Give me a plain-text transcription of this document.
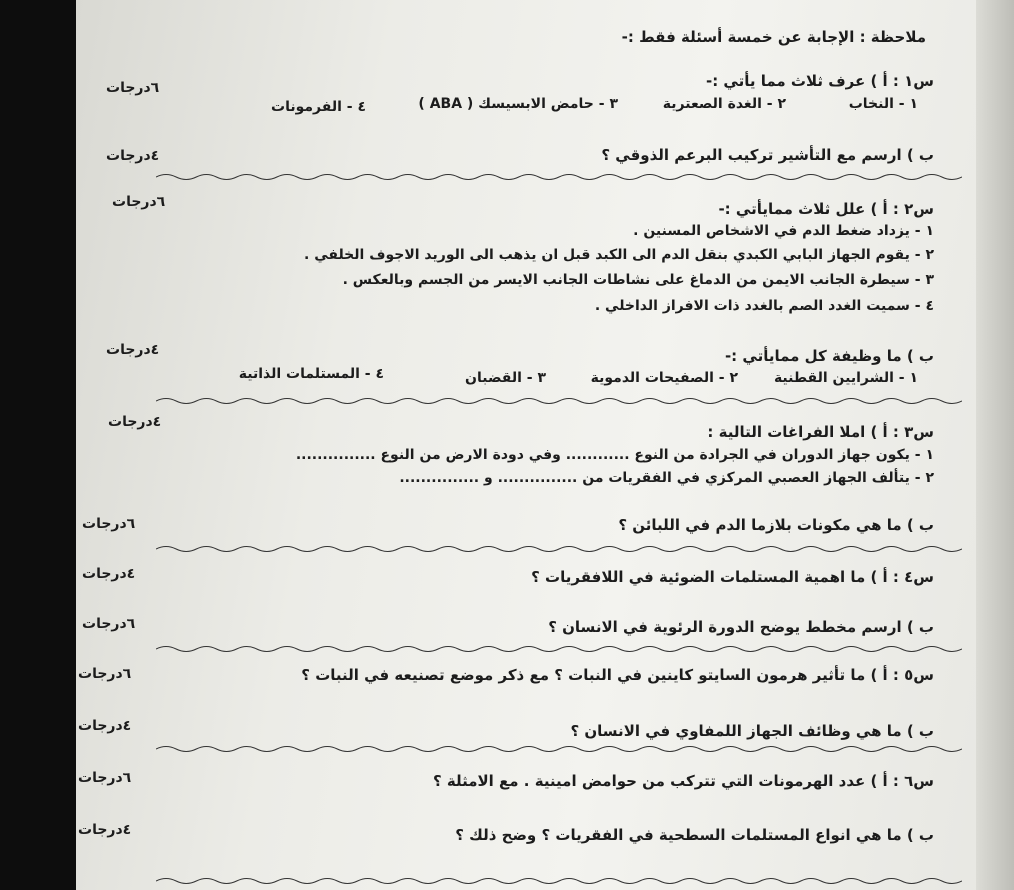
ملاحظة : الإجابة عن خمسة أسئلة فقط :-
س١ : أ ) عرف ثلاث مما يأتي :-
٦درجات
١ - النخاب
٢ - الغدة الصعترية
٣ - حامض الابسيسك ( ABA )
٤ - الفرمونات
ب ) ارسم مع التأشير تركيب البرعم الذوقي ؟
٤درجات
س٢ : أ ) علل ثلاث ممايأتي :-
٦درجات
١ - يزداد ضغط الدم في الاشخاص المسنين .
٢ - يقوم الجهاز البابي الكبدي بنقل الدم الى الكبد قبل ان يذهب الى الوريد الاجوف الخلفي .
٣ - سيطرة الجانب الايمن من الدماغ على نشاطات الجانب الايسر من الجسم وبالعكس .
٤ - سميت الغدد الصم بالغدد ذات الافراز الداخلي .
ب ) ما وظيفة كل ممايأتي :-
٤درجات
١ - الشرايين القطنية
٢ - الصفيحات الدموية
٣ - القضبان
٤ - المستلمات الذاتية
س٣ : أ ) املا الفراغات التالية :
٤درجات
١ - يكون جهاز الدوران في الجرادة من النوع ............ وفي دودة الارض من النوع ...............
٢ - يتألف الجهاز العصبي المركزي في الفقريات من ............... و ...............
ب ) ما هي مكونات بلازما الدم في اللبائن ؟
٦درجات
س٤ : أ ) ما اهمية المستلمات الضوئية في اللافقريات ؟
٤درجات
ب ) ارسم مخطط يوضح الدورة الرئوية في الانسان ؟
٦درجات
س٥ : أ ) ما تأثير هرمون السايتو كاينين في النبات ؟ مع ذكر موضع تصنيعه في النبات ؟
٦درجات
ب ) ما هي وظائف الجهاز اللمفاوي في الانسان ؟
٤درجات
س٦ : أ ) عدد الهرمونات التي تتركب من حوامض امينية . مع الامثلة ؟
٦درجات
ب ) ما هي انواع المستلمات السطحية في الفقريات ؟ وضح ذلك ؟
٤درجات
